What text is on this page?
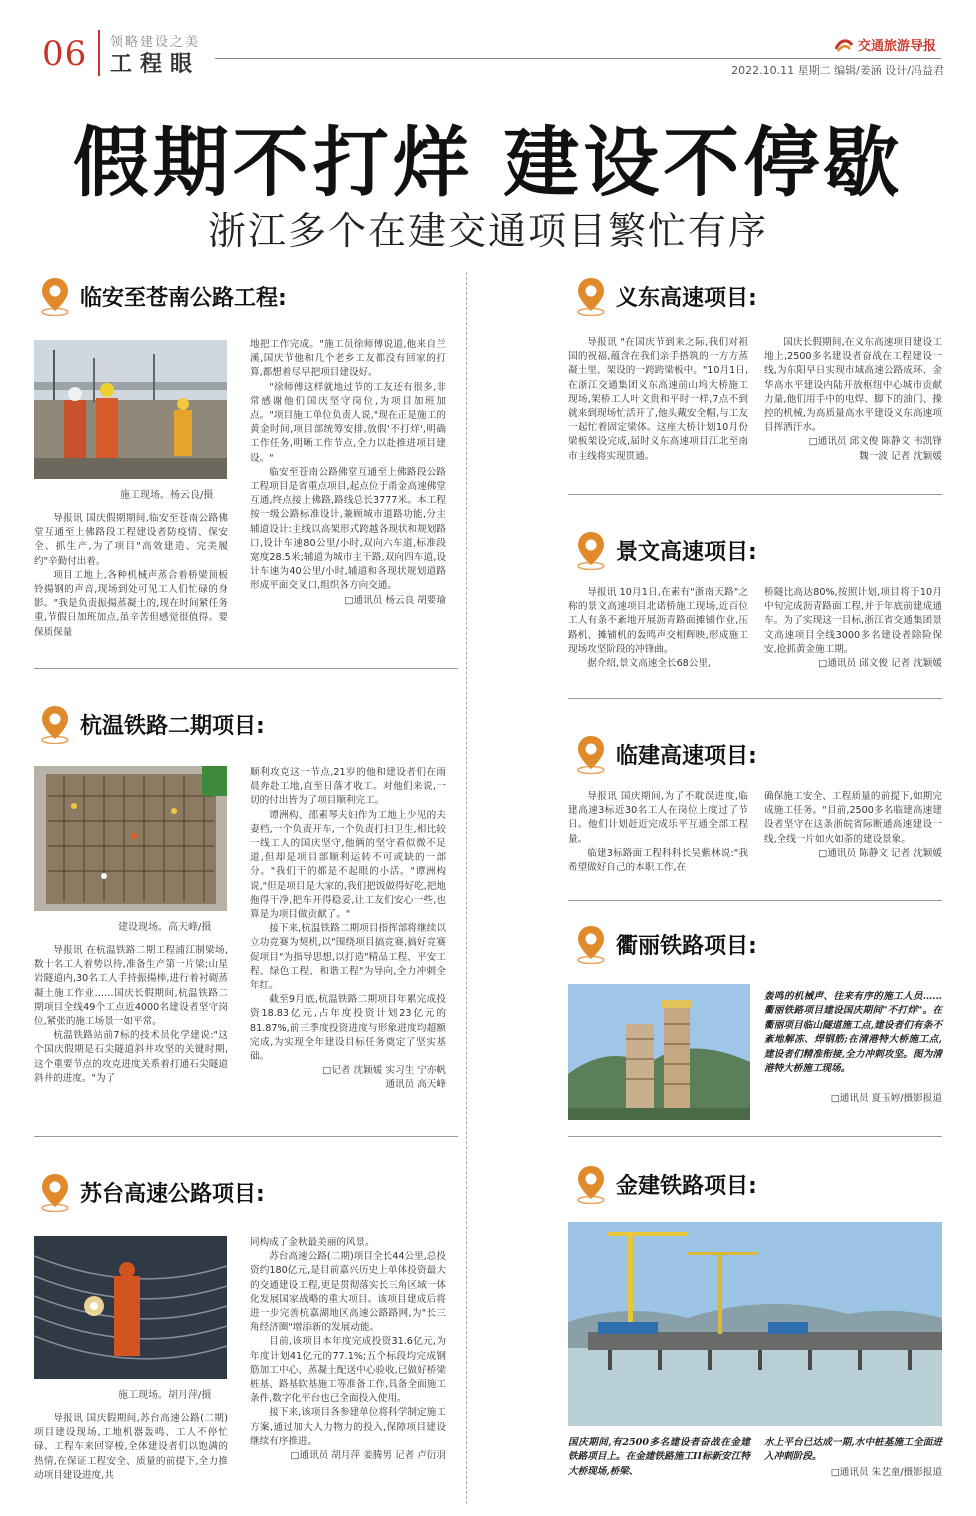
06 领略建设之美
工程眼
交通旅游导报
2022.10.11 星期二 编辑/姜涵 设计/冯益君
假期不打烊 建设不停歇
浙江多个在建交通项目繁忙有序
临安至苍南公路工程:
施工现场。杨云良/摄

导报讯 国庆假期期间,临安至苍南公路佛堂互通至上佛路段工程建设者防疫情、保安全、抓生产,为了项目"高效建造、完美履约"辛勤付出着。

项目工地上,各种机械声蒸合着桥梁顶板铃揚钢的声音,现场到处可见工人们忙碌的身影。"我是负责振揚蒸凝土的,现在时间紧任务重,节假日加班加点,虽辛苦但感觉很值得。要保质保量

地把工作完成。"施工员徐师傅说道,他来自兰溪,国庆节他和几个老乡工友都没有回家的打算,都想着尽早把项目建设好。

"徐师傅这样就地过节的工友还有很多,非常感谢他们国庆坚守岗位,为项目加班加点。"项目施工单位负责人说,"现在正是施工的黄金时间,项目部统筹安排,放假'不打烊',明确工作任务,明晰工作节点,全力以赴推进项目建设。"

临安至苍南公路佛堂互通至上佛路段公路工程项目是省重点项目,起点位于甬金高速佛堂互通,终点接上佛路,路线总长3777米。本工程按一级公路标准设计,兼顾城市道路功能,分主辅道设计:主线以高架形式跨越各现状和规划路口,设计车速80公里/小时,双向六车道,标准段宽度28.5米;辅道为城市主干路,双向四车道,设计车速为40公里/小时,辅道和各现状规划道路形成平面交叉口,组织各方向交通。

□通讯员 杨云良 胡要瑜

杭温铁路二期项目:
建设现场。高天峰/摄

导报讯 在杭温铁路二期工程浦江制梁场,数十名工人着势以待,准备生产第一片梁;山星岩隧道内,30名工人手持振揚棒,进行着衬砌蒸凝土施工作业……国庆长假期间,杭温铁路二期项目全线49个工点近4000名建设者坚守岗位,紧张的施工场景一如平常。

杭温铁路站前7标的技术员化学建说:"这个国庆假期是石尖隧道斜井攻坚的关键时期,这个重要节点的攻克进度关系着打通石尖隧道斜井的进度。"为了

顺利攻克这一节点,21岁的他和建设者们在雨晨奔赴工地,直至日落才收工。对他们来说,一切的付出皆为了项目顺利完工。

谭洲构、邵素琴夫妇作为工地上少见的夫妻档,一个负责开车,一个负责打扫卫生,相比较一线工人的国庆坚守,他俩的坚守看似微不足道,但却是项目部顺利运转不可或缺的一部分。"我们干的都是不起眼的小活。"谭洲构说,"但是项目是大家的,我们把饭做得好吃,把地拖得干净,把车开得稳妥,让工友们安心一些,也算是为项目做贡献了。"

接下来,杭温铁路二期项目指挥部将继续以立功竞赛为契机,以"围绕项目搞竞赛,搞好竞赛促项目"为指导思想,以打造"精品工程、平安工程、绿色工程、和谐工程"为导向,全力冲刺全年红。

截至9月底,杭温铁路二期项目年累完成投资18.83亿元,占年度投资计划23亿元的81.87%,前三季度投资进度与形象进度均超额完成,为实现全年建设目标任务奠定了坚实基础。

□记者 沈颖媛 实习生 宁亦帆

通讯员 高天峰

苏台高速公路项目:
施工现场。胡月萍/摄

导报讯 国庆假期间,苏台高速公路(二期)项目建设现场,工地机器轰鸣、工人不停忙碌、工程车来回穿梭,全体建设者们以饱满的热情,在保证工程安全、质量的前提下,全力推动项目建设进度,共

同构成了金秋最美丽的风景。

苏台高速公路(二期)项目全长44公里,总投资约180亿元,是目前嘉兴历史上单体投资最大的交通建设工程,更是贯彻落实长三角区域一体化发展国家战略的重大项目。该项目建成后将进一步完善杭嘉湖地区高速公路路网,为"长三角经济圈"增添新的发展动能。

目前,该项目本年度完成投资31.6亿元,为年度计划41亿元的77.1%;五个标段均完成钢筋加工中心、蒸凝土配送中心验收,已做好桥梁桩基、路基软基施工等准备工作,具备全面施工条件,数字化平台也已全面投入使用。

接下来,该项目各参建单位将科学制定施工方案,通过加大人力物力的投入,保障项目建设继续有序推进。

□通讯员 胡月萍 姜腾男 记者 卢衍羽

义东高速项目:

导报讯 "在国庆节到来之际,我们对祖国的祝福,蕴含在我们亲手搭筑的一方方蒸凝土里、架设的一跨跨梁板中。"10月1日,在浙江交通集团义东高速前山坞大桥施工现场,架桥工人叶文贵和平时一样,7点不到就来到现场忙活开了,他头戴安全帽,与工友一起忙着固定梁体。这座大桥计划10月份梁板架设完成,届时义东高速项目江北至南市主线将实现贯通。

国庆长假期间,在义东高速项目建设工地上,2500多名建设者奋战在工程建设一线,为东阳早日实现市域高速公路成环、金华高水平建设内陆开放枢纽中心城市贡献力量,他们用手中的电焊、脚下的油门、操控的机械,为高质量高水平建设义东高速项目挥洒汗水。

□通讯员 邱文俊 陈静文 韦凯锋

魏一波 记者 沈颖媛

景文高速项目:

导报讯 10月1日,在素有"浙南天路"之称的景文高速项目北诺桥施工现场,近百位工人有条不紊地开展沥青路面摊铺作业,压路机、摊铺机的轰鸣声交相辉映,形成施工现场攻坚阶段的冲锋曲。

据介绍,景文高速全长68公里,

桥隧比高达80%,按照计划,项目将于10月中旬完成沥青路面工程,并于年底前建成通车。为了实现这一目标,浙江省交通集团景文高速项目全线3000多名建设者除险保安,抢抓黄金施工期。

□通讯员 邱文俊 记者 沈颖媛

临建高速项目:

导报讯 国庆期间,为了不耽误进度,临建高速3标近30名工人在岗位上度过了节日。他们计划赶近完成乐平互通全部工程量。

临建3标路面工程科科长吴紫林说:"我希望做好自己的本职工作,在

确保施工安全、工程质量的前提下,如期完成施工任务。"目前,2500多名临建高速建设者坚守在这条浙皖省际断通高速建设一线,全线一片如火如荼的建设景象。

□通讯员 陈静文 记者 沈颖媛

衢丽铁路项目:
轰鸣的机械声、往来有序的施工人员……衢丽铁路项目建设国庆期间"不打烊"。在衢丽项目临山隧道施工点,建设者们有条不紊地解冻、焊钢筋;在清港特大桥施工点,建设者们精准衔接,全力冲刺攻坚。图为清港特大桥施工现场。

□通讯员 夏玉婷/摄影报道

金建铁路项目:
国庆期间,有2500多名建设者奋战在金建铁路项目上。在金建铁路施工II标新安江特大桥现场,桥梁、
水上平台已达成一期,水中桩基施工全面进入冲刺阶段。

□通讯员 朱艺童/摄影报道
